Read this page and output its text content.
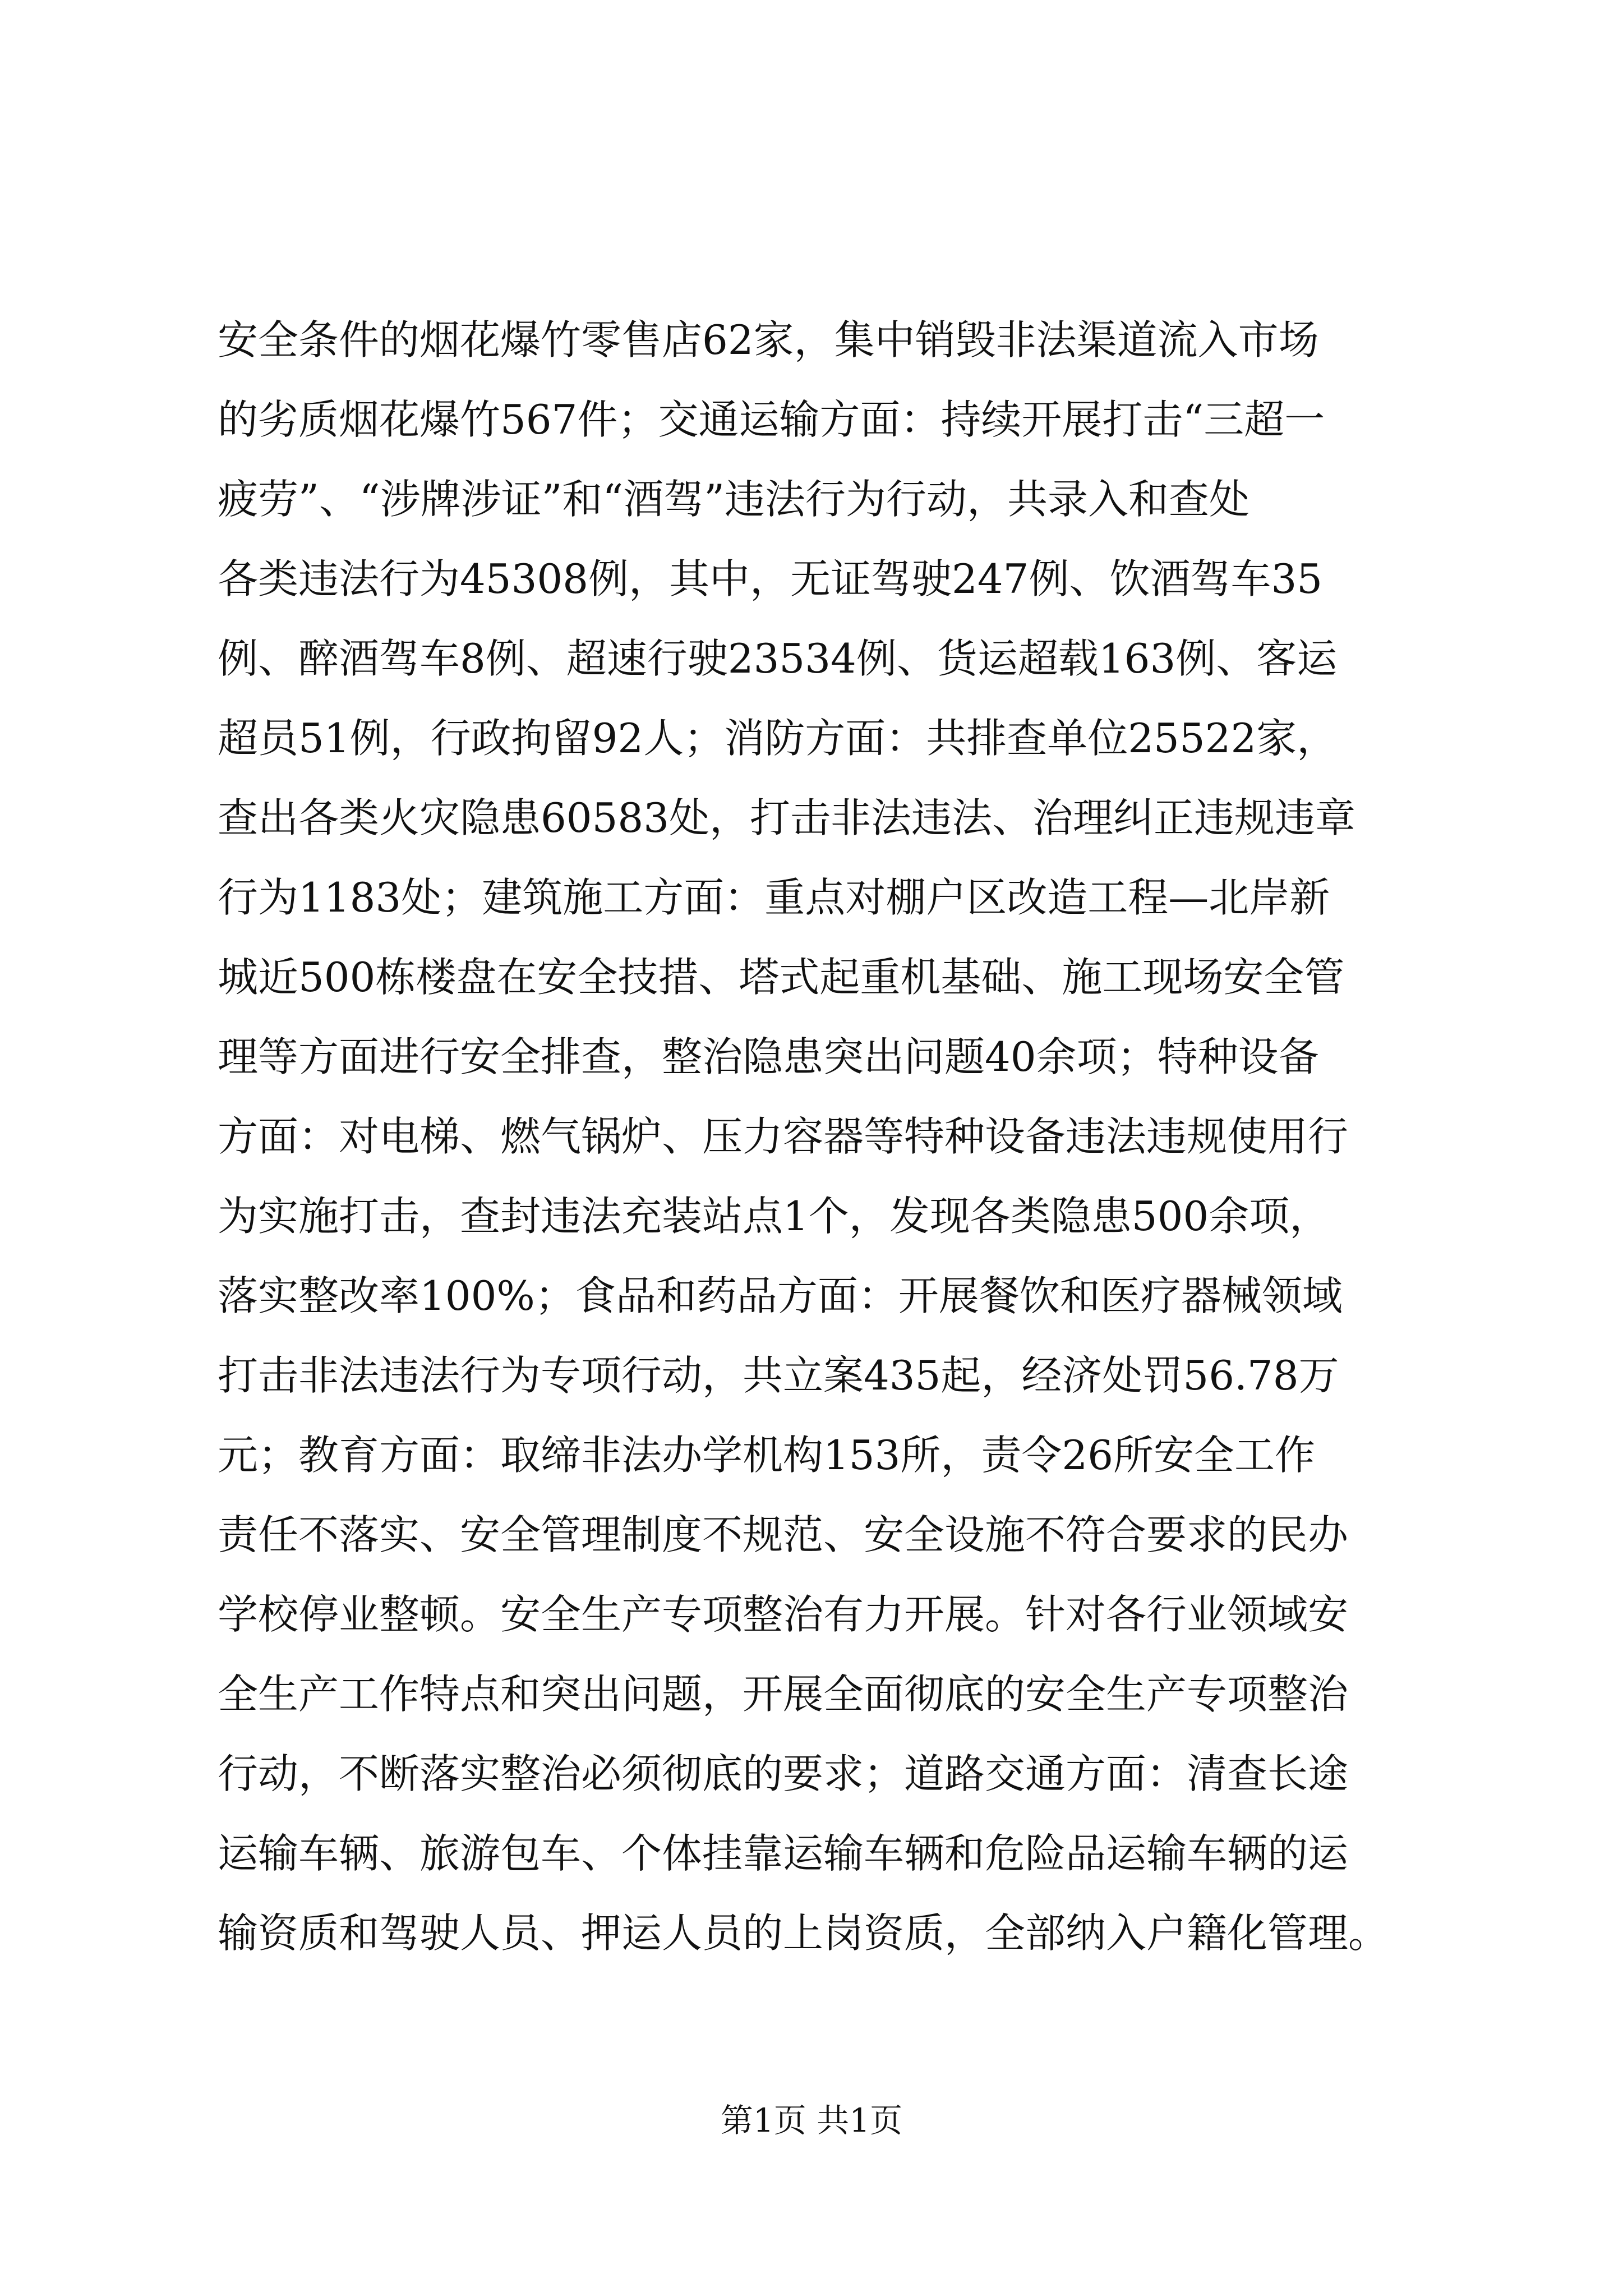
安全条件的烟花爆竹零售店62家，集中销毁非法渠道流入市场
的劣质烟花爆竹567件；交通运输方面：持续开展打击“三超一
疲劳”、“涉牌涉证”和“酒驾”违法行为行动，共录入和查处
各类违法行为45308例，其中，无证驾驶247例、饮酒驾车35
例、醉酒驾车8例、超速行驶23534例、货运超载163例、客运
超员51例，行政拘留92人；消防方面：共排查单位25522家，
查出各类火灾隐患60583处，打击非法违法、治理纠正违规违章
行为1183处；建筑施工方面：重点对棚户区改造工程—北岸新
城近500栋楼盘在安全技措、塔式起重机基础、施工现场安全管
理等方面进行安全排查，整治隐患突出问题40余项；特种设备
方面：对电梯、燃气锅炉、压力容器等特种设备违法违规使用行
为实施打击，查封违法充装站点1个，发现各类隐患500余项，
落实整改率100%；食品和药品方面：开展餐饮和医疗器械领域
打击非法违法行为专项行动，共立案435起，经济处罚56.78万
元；教育方面：取缔非法办学机构153所，责令26所安全工作
责任不落实、安全管理制度不规范、安全设施不符合要求的民办
学校停业整顿。安全生产专项整治有力开展。针对各行业领域安
全生产工作特点和突出问题，开展全面彻底的安全生产专项整治
行动，不断落实整治必须彻底的要求；道路交通方面：清查长途
运输车辆、旅游包车、个体挂靠运输车辆和危险品运输车辆的运
输资质和驾驶人员、押运人员的上岗资质，全部纳入户籍化管理。
第1页 共1页
